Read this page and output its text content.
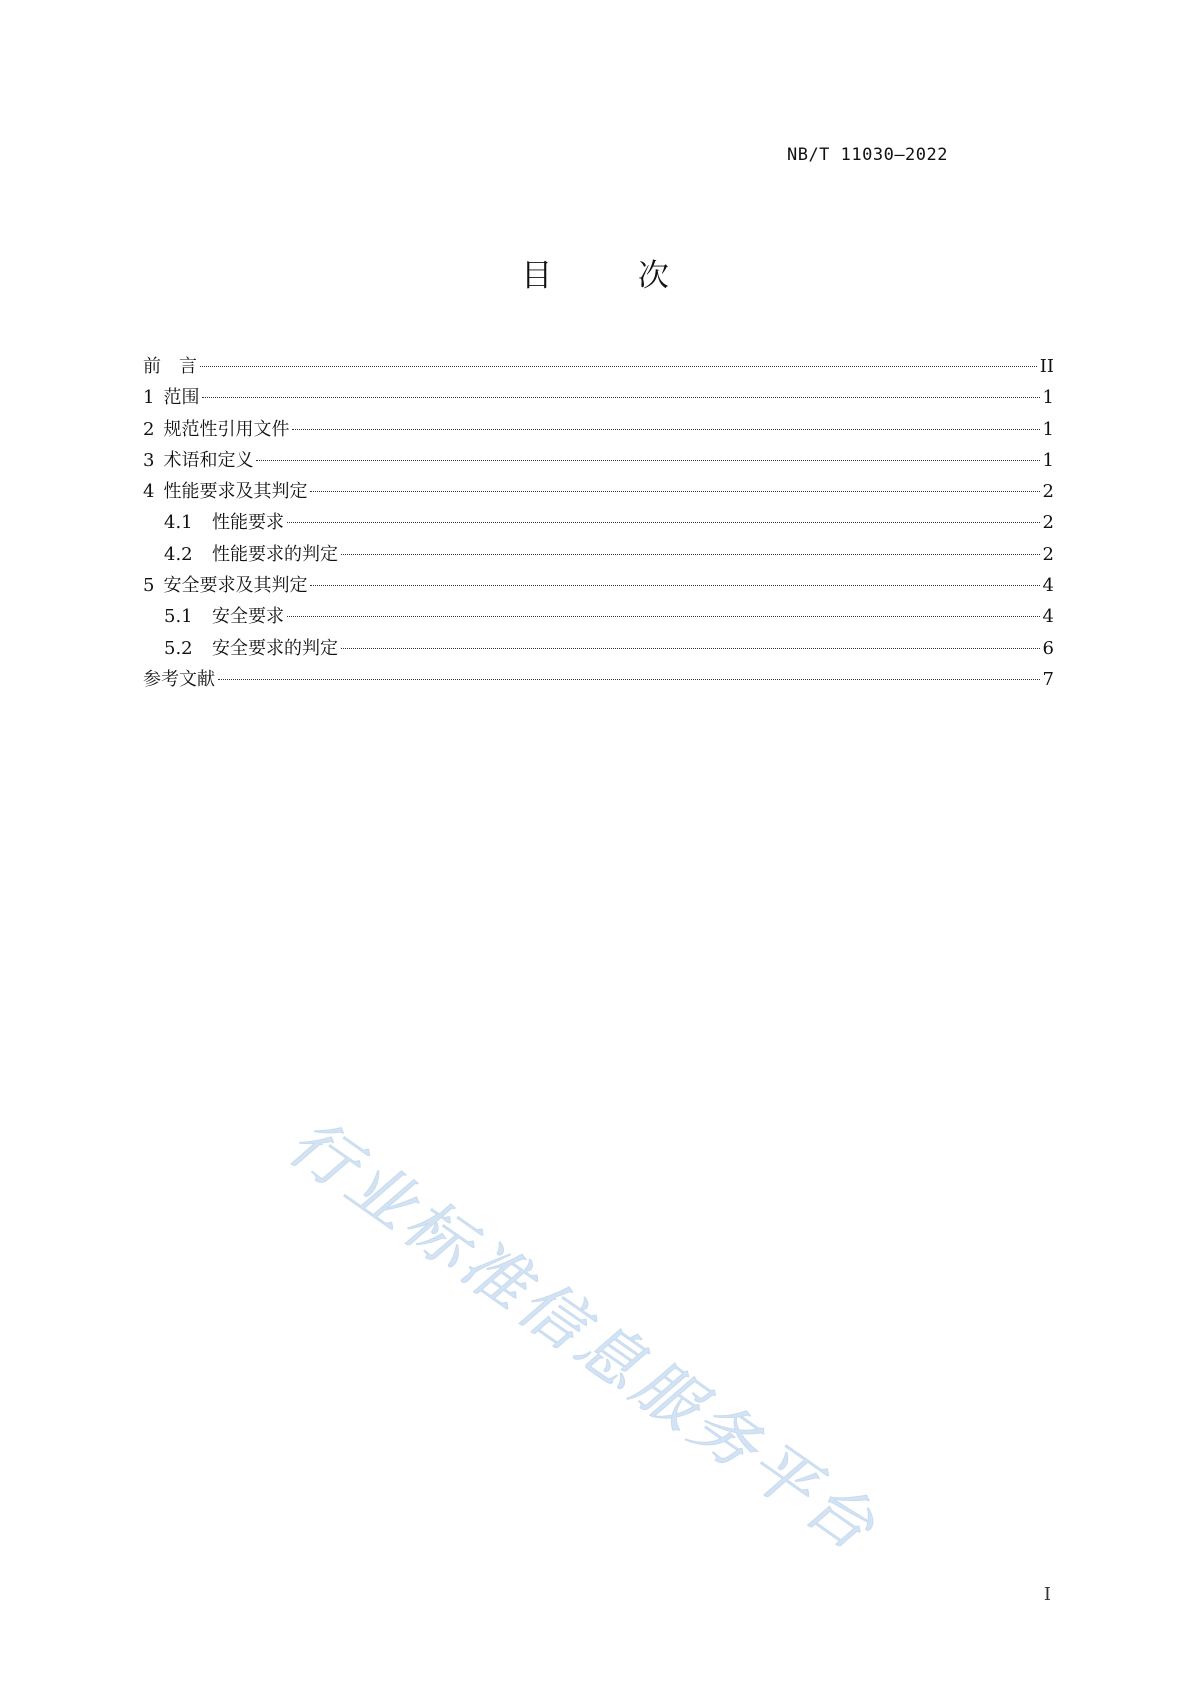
NB/T 11030—2022
目 次
前　言	II
1 范围	1
2 规范性引用文件	1
3 术语和定义	1
4 性能要求及其判定	2
4.1	性能要求	2
4.2	性能要求的判定	2
5 安全要求及其判定	4
5.1	安全要求	4
5.2	安全要求的判定	6
参考文献	7
行业标准信息服务平台
I
